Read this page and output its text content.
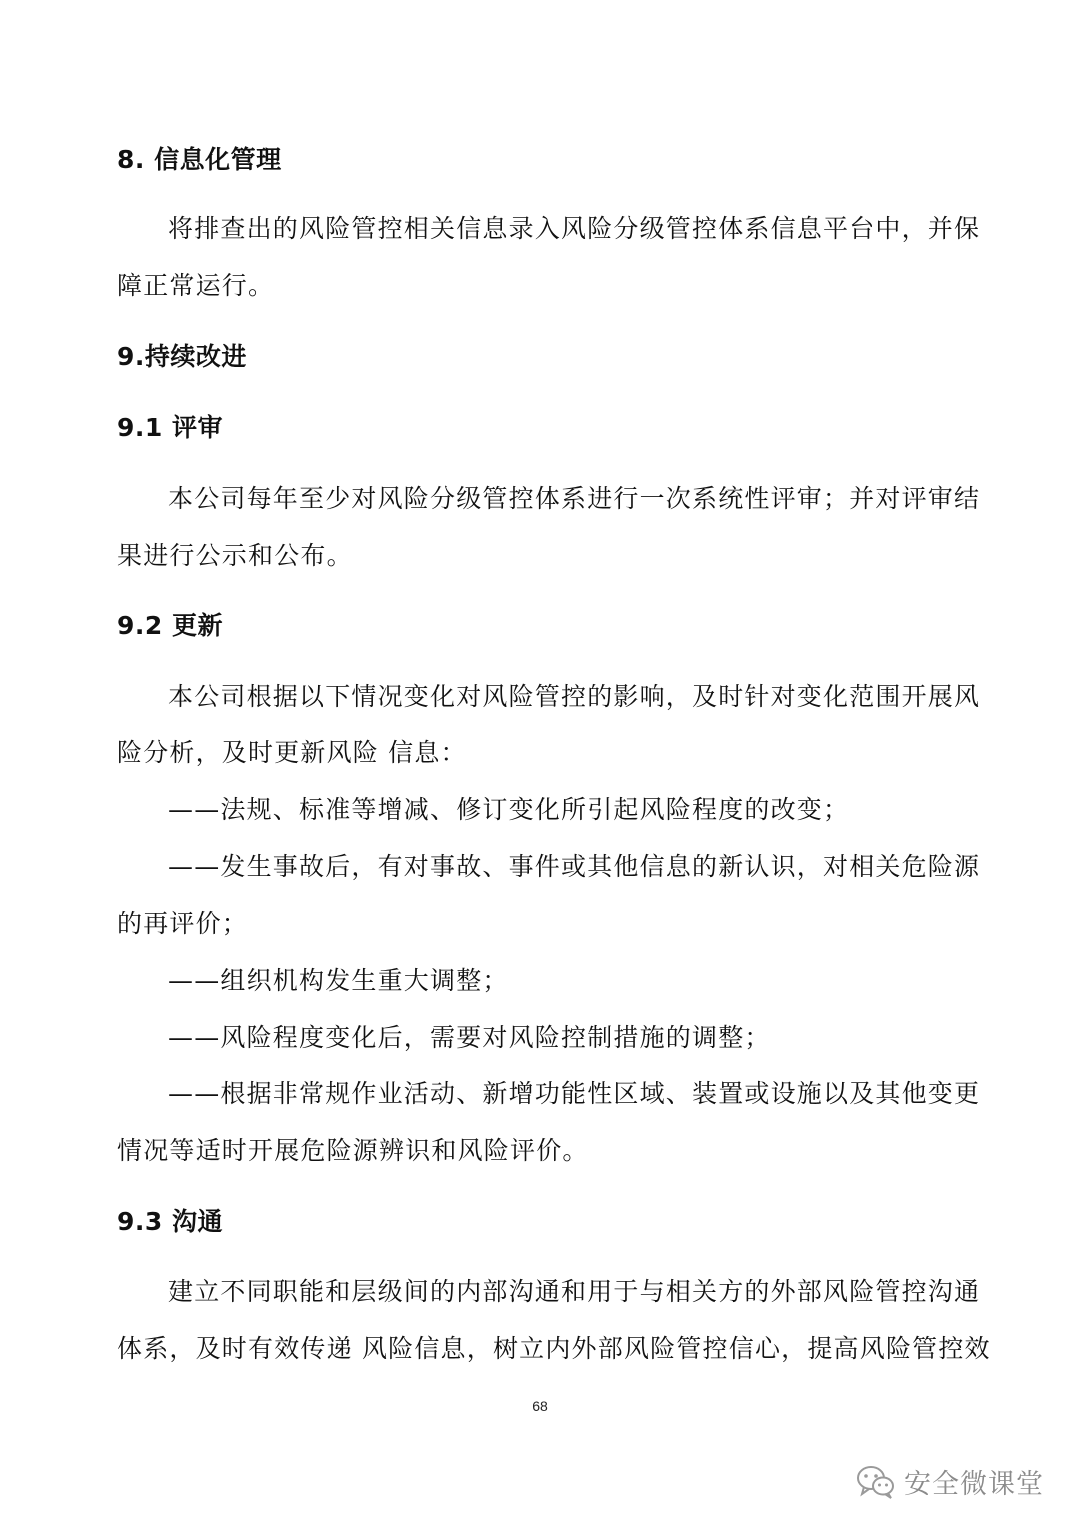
8. 信息化管理
将排查出的风险管控相关信息录入风险分级管控体系信息平台中，并保
障正常运行。
9.持续改进
9.1 评审
本公司每年至少对风险分级管控体系进行一次系统性评审；并对评审结
果进行公示和公布。
9.2 更新
本公司根据以下情况变化对风险管控的影响，及时针对变化范围开展风
险分析，及时更新风险 信息：
——法规、标准等增减、修订变化所引起风险程度的改变；
——发生事故后，有对事故、事件或其他信息的新认识，对相关危险源
的再评价；
——组织机构发生重大调整；
——风险程度变化后，需要对风险控制措施的调整；
——根据非常规作业活动、新增功能性区域、装置或设施以及其他变更
情况等适时开展危险源辨识和风险评价。
9.3 沟通
建立不同职能和层级间的内部沟通和用于与相关方的外部风险管控沟通
体系，及时有效传递 风险信息，树立内外部风险管控信心，提高风险管控效
68
安全微课堂
